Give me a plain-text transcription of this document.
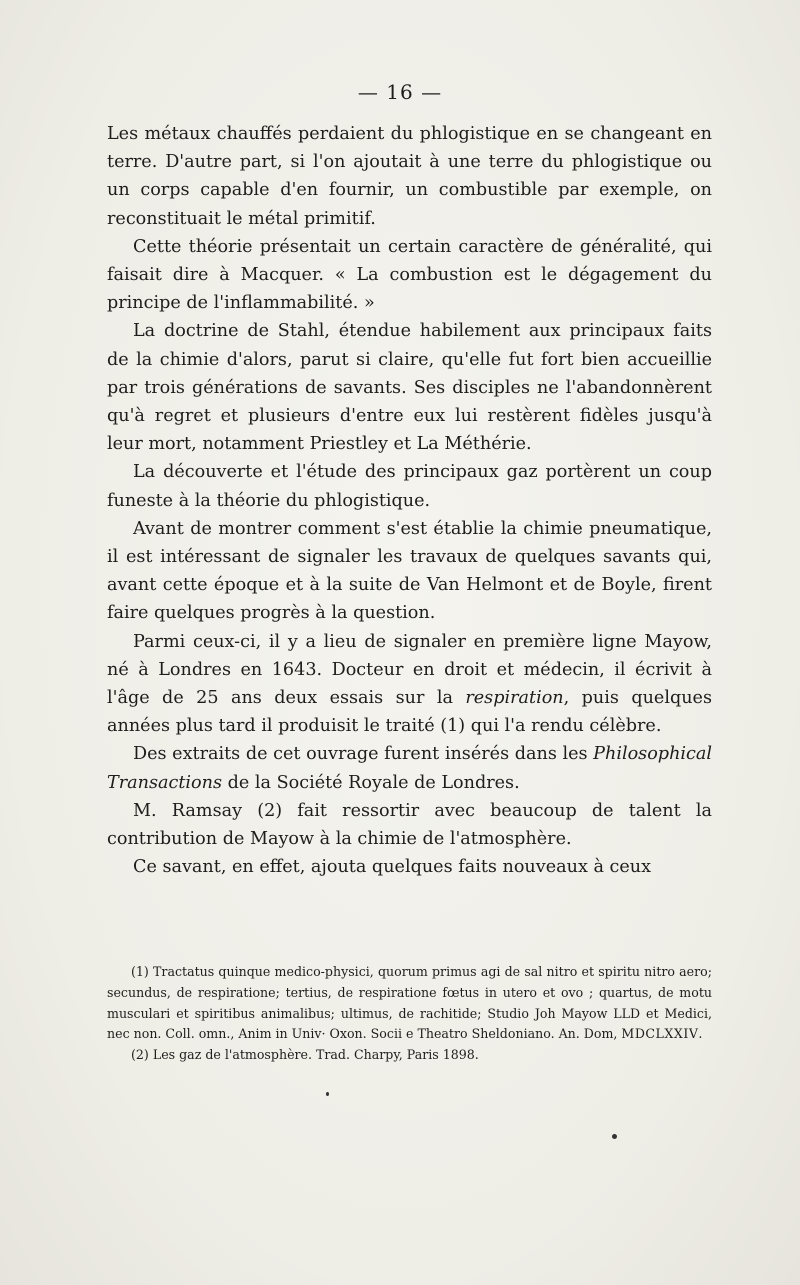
— 16 —

Les métaux chauffés perdaient du phlogistique en se changeant en terre. D'autre part, si l'on ajoutait à une terre du phlogistique ou un corps capable d'en fournir, un combustible par exemple, on reconstituait le métal primitif.

Cette théorie présentait un certain caractère de généralité, qui faisait dire à Macquer. « La combustion est le dégagement du principe de l'inflammabilité. »

La doctrine de Stahl, étendue habilement aux principaux faits de la chimie d'alors, parut si claire, qu'elle fut fort bien accueillie par trois générations de savants. Ses disciples ne l'abandonnèrent qu'à regret et plusieurs d'entre eux lui restèrent fidèles jusqu'à leur mort, notamment Priestley et La Méthérie.

La découverte et l'étude des principaux gaz portèrent un coup funeste à la théorie du phlogistique.

Avant de montrer comment s'est établie la chimie pneumatique, il est intéressant de signaler les travaux de quelques savants qui, avant cette époque et à la suite de Van Helmont et de Boyle, firent faire quelques progrès à la question.

Parmi ceux-ci, il y a lieu de signaler en première ligne Mayow, né à Londres en 1643. Docteur en droit et médecin, il écrivit à l'âge de 25 ans deux essais sur la respiration, puis quelques années plus tard il produisit le traité (1) qui l'a rendu célèbre.

Des extraits de cet ouvrage furent insérés dans les Philosophical Transactions de la Société Royale de Londres.

M. Ramsay (2) fait ressortir avec beaucoup de talent la contribution de Mayow à la chimie de l'atmosphère.

Ce savant, en effet, ajouta quelques faits nouveaux à ceux

(1) Tractatus quinque medico-physici, quorum primus agi de sal nitro et spiritu nitro aero; secundus, de respiratione; tertius, de respiratione fœtus in utero et ovo ; quartus, de motu musculari et spiritibus animalibus; ultimus, de rachitide; Studio Joh Mayow LLD et Medici, nec non. Coll. omn., Anim in Univ· Oxon. Socii e Theatro Sheldoniano. An. Dom, MDCLXXIV.

(2) Les gaz de l'atmosphère. Trad. Charpy, Paris 1898.
